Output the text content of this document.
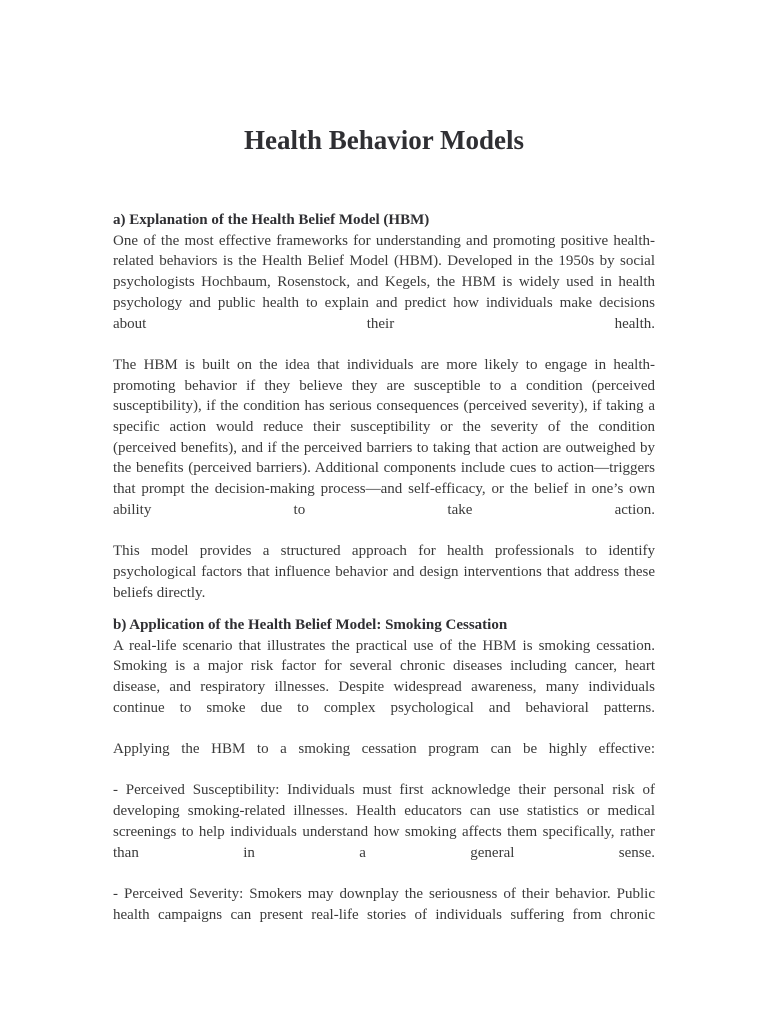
Health Behavior Models

a) Explanation of the Health Belief Model (HBM)

One of the most effective frameworks for understanding and promoting positive health-related behaviors is the Health Belief Model (HBM). Developed in the 1950s by social psychologists Hochbaum, Rosenstock, and Kegels, the HBM is widely used in health psychology and public health to explain and predict how individuals make decisions about their health.

The HBM is built on the idea that individuals are more likely to engage in health-promoting behavior if they believe they are susceptible to a condition (perceived susceptibility), if the condition has serious consequences (perceived severity), if taking a specific action would reduce their susceptibility or the severity of the condition (perceived benefits), and if the perceived barriers to taking that action are outweighed by the benefits (perceived barriers). Additional components include cues to action—triggers that prompt the decision-making process—and self-efficacy, or the belief in one’s own ability to take action.

This model provides a structured approach for health professionals to identify psychological factors that influence behavior and design interventions that address these beliefs directly.

b) Application of the Health Belief Model: Smoking Cessation

A real-life scenario that illustrates the practical use of the HBM is smoking cessation. Smoking is a major risk factor for several chronic diseases including cancer, heart disease, and respiratory illnesses. Despite widespread awareness, many individuals continue to smoke due to complex psychological and behavioral patterns.

Applying the HBM to a smoking cessation program can be highly effective:

- Perceived Susceptibility: Individuals must first acknowledge their personal risk of developing smoking-related illnesses. Health educators can use statistics or medical screenings to help individuals understand how smoking affects them specifically, rather than in a general sense.

- Perceived Severity: Smokers may downplay the seriousness of their behavior. Public health campaigns can present real-life stories of individuals suffering from chronic
